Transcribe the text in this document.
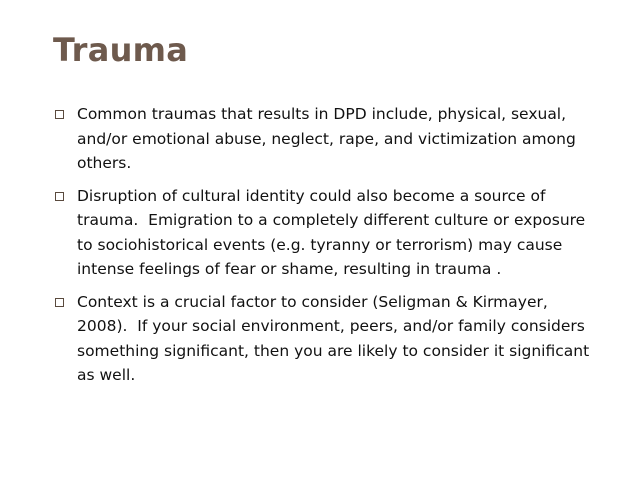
Trauma
Common traumas that results in DPD include, physical, sexual, and/or emotional abuse, neglect, rape, and victimization among others.
Disruption of cultural identity could also become a source of trauma.  Emigration to a completely different culture or exposure to sociohistorical events (e.g. tyranny or terrorism) may cause intense feelings of fear or shame, resulting in trauma .
Context is a crucial factor to consider (Seligman & Kirmayer, 2008).  If your social environment, peers, and/or family considers something significant, then you are likely to consider it significant as well.
